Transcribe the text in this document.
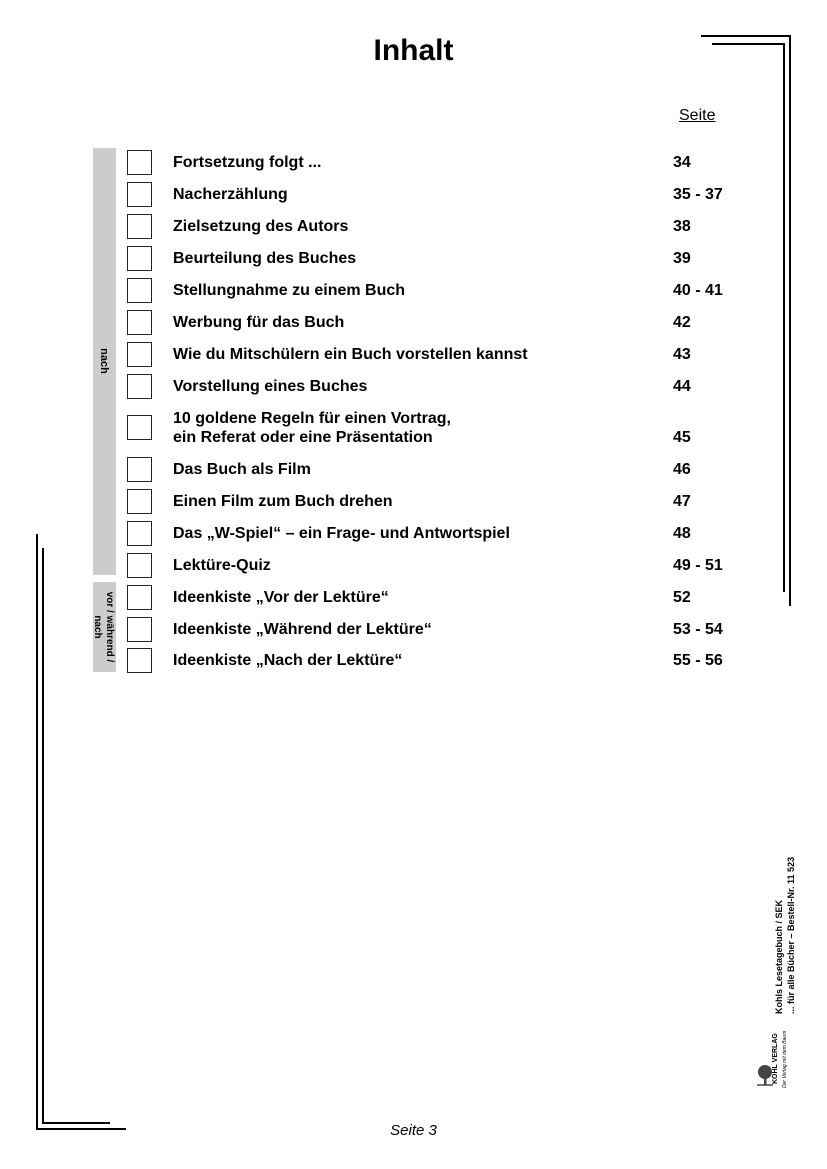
Inhalt
Seite
nach
vor / während / nach
Fortsetzung folgt ...	34
Nacherzählung	35 - 37
Zielsetzung des Autors	38
Beurteilung des Buches	39
Stellungnahme zu einem Buch	40 - 41
Werbung für das Buch	42
Wie du Mitschülern ein Buch vorstellen kannst	43
Vorstellung eines Buches	44
10 goldene Regeln für einen Vortrag,
ein Referat oder eine Präsentation	45
Das Buch als Film	46
Einen Film zum Buch drehen	47
Das „W-Spiel“ – ein Frage- und Antwortspiel	48
Lektüre-Quiz	49 - 51
Ideenkiste „Vor der Lektüre“	52
Ideenkiste „Während der Lektüre“	53 - 54
Ideenkiste „Nach der Lektüre“	55 - 56
Kohls Lesetagebuch / SEK ... für alle Bücher – Bestell-Nr. 11 523
KOHL VERLAG Der Verlag mit dem Baum
Seite 3
